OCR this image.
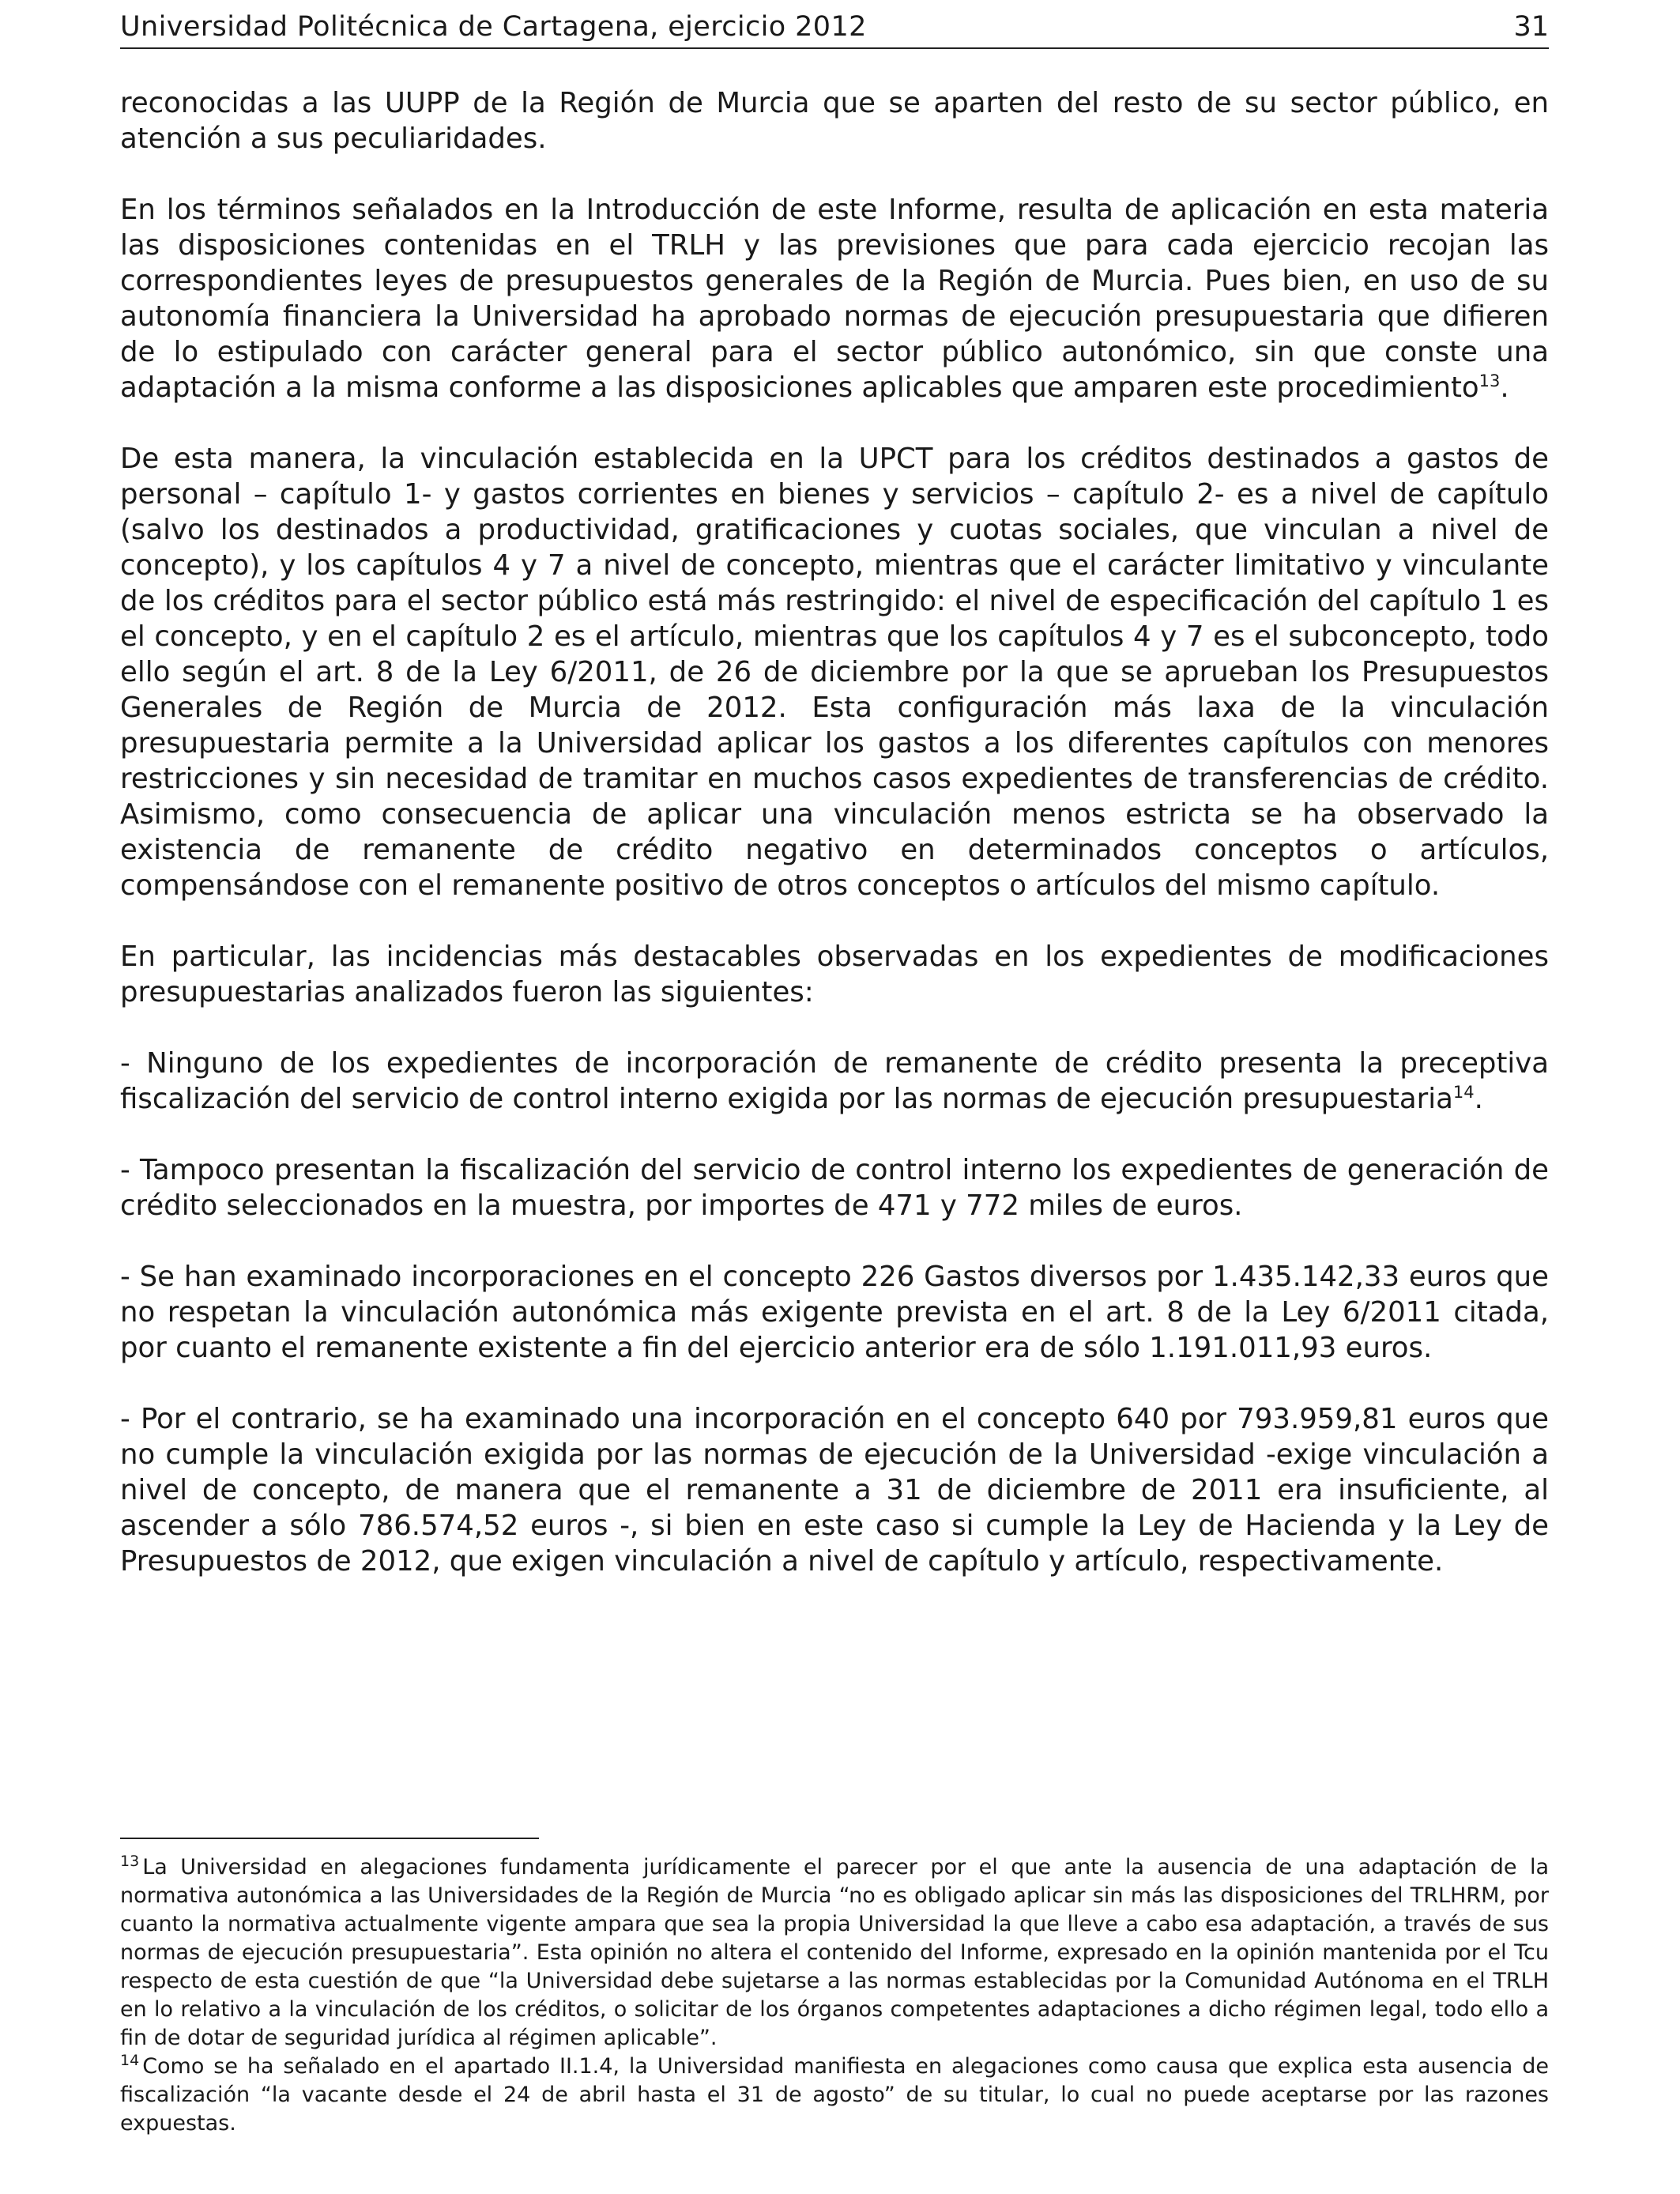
Universidad Politécnica de Cartagena, ejercicio 2012	31

reconocidas a las UUPP de la Región de Murcia que se aparten del resto de su sector público, en atención a sus peculiaridades.

En los términos señalados en la Introducción de este Informe, resulta de aplicación en esta materia las disposiciones contenidas en el TRLH y las previsiones que para cada ejercicio recojan las correspondientes leyes de presupuestos generales de la Región de Murcia. Pues bien, en uso de su autonomía financiera la Universidad ha aprobado normas de ejecución presupuestaria que difieren de lo estipulado con carácter general para el sector público autonómico, sin que conste una adaptación a la misma conforme a las disposiciones aplicables que amparen este procedimiento$^{13}$.

De esta manera, la vinculación establecida en la UPCT para los créditos destinados a gastos de personal – capítulo 1- y gastos corrientes en bienes y servicios – capítulo 2- es a nivel de capítulo (salvo los destinados a productividad, gratificaciones y cuotas sociales, que vinculan a nivel de concepto), y los capítulos 4 y 7 a nivel de concepto, mientras que el carácter limitativo y vinculante de los créditos para el sector público está más restringido: el nivel de especificación del capítulo 1 es el concepto, y en el capítulo 2 es el artículo, mientras que los capítulos 4 y 7 es el subconcepto, todo ello según el art. 8 de la Ley 6/2011, de 26 de diciembre por la que se aprueban los Presupuestos Generales de Región de Murcia de 2012. Esta configuración más laxa de la vinculación presupuestaria permite a la Universidad aplicar los gastos a los diferentes capítulos con menores restricciones y sin necesidad de tramitar en muchos casos expedientes de transferencias de crédito. Asimismo, como consecuencia de aplicar una vinculación menos estricta se ha observado la existencia de remanente de crédito negativo en determinados conceptos o artículos, compensándose con el remanente positivo de otros conceptos o artículos del mismo capítulo.

En particular, las incidencias más destacables observadas en los expedientes de modificaciones presupuestarias analizados fueron las siguientes:

- Ninguno de los expedientes de incorporación de remanente de crédito presenta la preceptiva fiscalización del servicio de control interno exigida por las normas de ejecución presupuestaria$^{14}$.

- Tampoco presentan la fiscalización del servicio de control interno los expedientes de generación de crédito seleccionados en la muestra, por importes de 471 y 772 miles de euros.

- Se han examinado incorporaciones en el concepto 226 Gastos diversos por 1.435.142,33 euros que no respetan la vinculación autonómica más exigente prevista en el art. 8 de la Ley 6/2011 citada, por cuanto el remanente existente a fin del ejercicio anterior era de sólo 1.191.011,93 euros.

- Por el contrario, se ha examinado una incorporación en el concepto 640 por 793.959,81 euros que no cumple la vinculación exigida por las normas de ejecución de la Universidad -exige vinculación a nivel de concepto, de manera que el remanente a 31 de diciembre de 2011 era insuficiente, al ascender a sólo 786.574,52 euros -, si bien en este caso si cumple la Ley de Hacienda y la Ley de Presupuestos de 2012, que exigen vinculación a nivel de capítulo y artículo, respectivamente.

$^{13}$ La Universidad en alegaciones fundamenta jurídicamente el parecer por el que ante la ausencia de una adaptación de la normativa autonómica a las Universidades de la Región de Murcia “no es obligado aplicar sin más las disposiciones del TRLHRM, por cuanto la normativa actualmente vigente ampara que sea la propia Universidad la que lleve a cabo esa adaptación, a través de sus normas de ejecución presupuestaria”. Esta opinión no altera el contenido del Informe, expresado en la opinión mantenida por el Tcu respecto de esta cuestión de que “la Universidad debe sujetarse a las normas establecidas por la Comunidad Autónoma en el TRLH en lo relativo a la vinculación de los créditos, o solicitar de los órganos competentes adaptaciones a dicho régimen legal, todo ello a fin de dotar de seguridad jurídica al régimen aplicable”.

$^{14}$ Como se ha señalado en el apartado II.1.4, la Universidad manifiesta en alegaciones como causa que explica esta ausencia de fiscalización “la vacante desde el 24 de abril hasta el 31 de agosto” de su titular, lo cual no puede aceptarse por las razones expuestas.
